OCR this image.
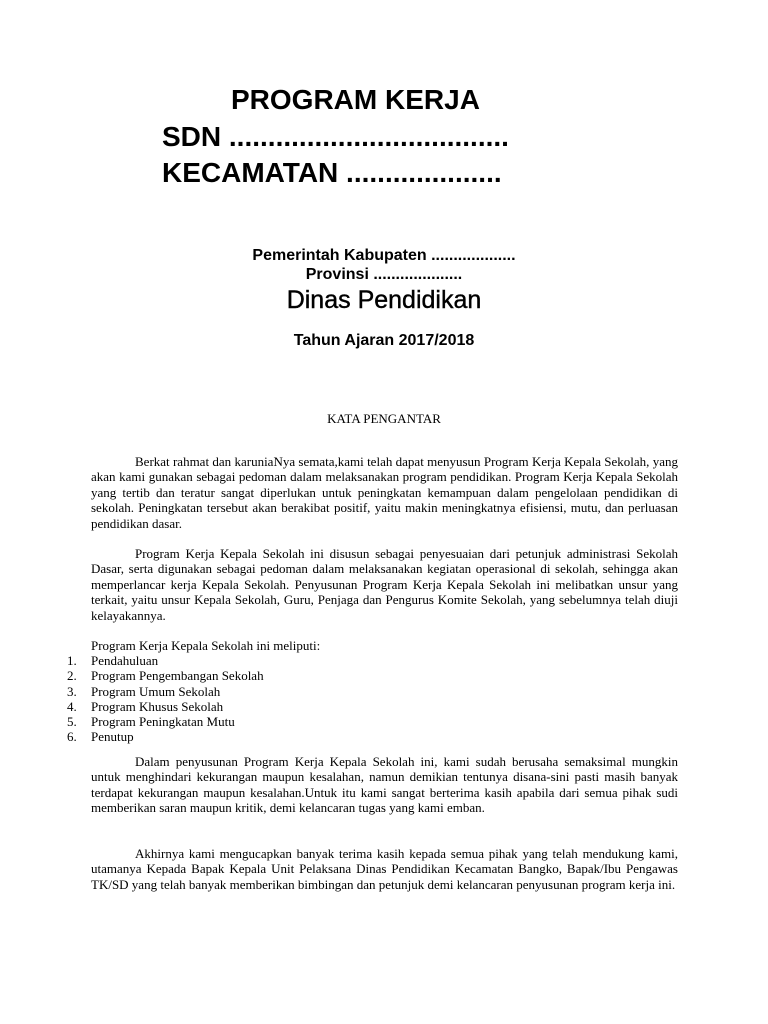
PROGRAM KERJA
SDN ....................................
KECAMATAN ....................

Pemerintah Kabupaten ...................

Provinsi ....................

Dinas Pendidikan

Tahun Ajaran 2017/2018

KATA PENGANTAR

Berkat rahmat dan karuniaNya semata,kami telah dapat menyusun Program Kerja Kepala Sekolah, yang akan kami gunakan sebagai pedoman dalam melaksanakan program pendidikan. Program Kerja Kepala Sekolah yang tertib dan teratur sangat diperlukan untuk peningkatan kemampuan dalam pengelolaan pendidikan di sekolah. Peningkatan tersebut akan berakibat positif, yaitu makin meningkatnya efisiensi, mutu, dan perluasan pendidikan dasar.

Program Kerja Kepala Sekolah ini disusun sebagai penyesuaian dari petunjuk administrasi Sekolah Dasar, serta digunakan sebagai pedoman dalam melaksanakan kegiatan operasional di sekolah, sehingga akan memperlancar kerja Kepala Sekolah. Penyusunan Program Kerja Kepala Sekolah ini melibatkan unsur yang terkait, yaitu unsur Kepala Sekolah, Guru, Penjaga dan Pengurus Komite Sekolah, yang sebelumnya telah diuji kelayakannya.

Program Kerja Kepala Sekolah ini meliputi:

1. Pendahuluan
2. Program Pengembangan Sekolah
3. Program Umum Sekolah
4. Program Khusus Sekolah
5. Program Peningkatan Mutu
6. Penutup

Dalam penyusunan Program Kerja Kepala Sekolah ini, kami sudah berusaha semaksimal mungkin untuk menghindari kekurangan maupun kesalahan, namun demikian tentunya disana-sini pasti masih banyak terdapat kekurangan maupun kesalahan.Untuk itu kami sangat berterima kasih apabila dari semua pihak sudi memberikan saran maupun kritik, demi kelancaran tugas yang kami emban.

Akhirnya kami mengucapkan banyak terima kasih kepada semua pihak yang telah mendukung kami, utamanya Kepada Bapak Kepala Unit Pelaksana Dinas Pendidikan Kecamatan Bangko, Bapak/Ibu Pengawas TK/SD yang telah banyak memberikan bimbingan dan petunjuk demi kelancaran penyusunan program kerja ini.
